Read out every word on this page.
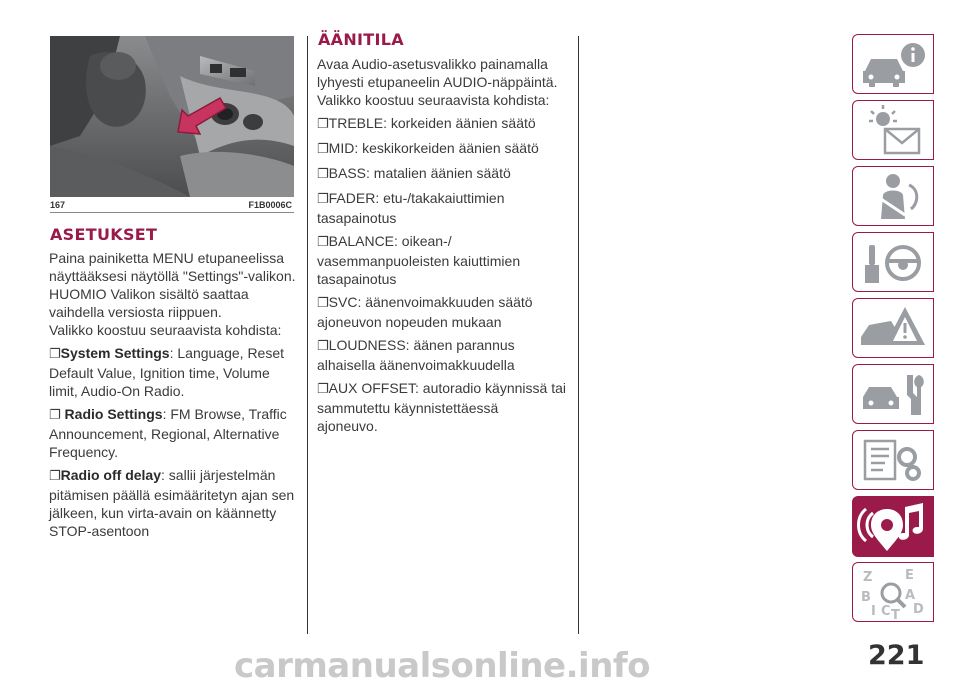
167	F1B0006C
ASETUKSET

Paina painiketta MENU etupaneelissa
näyttääksesi näytöllä "Settings"-valikon.
HUOMIO Valikon sisältö saattaa
vaihdella versiosta riippuen.
Valikko koostuu seuraavista kohdista:

❐System Settings: Language, Reset
Default Value, Ignition time, Volume
limit, Audio-On Radio.

❐ Radio Settings: FM Browse, Traffic
Announcement, Regional, Alternative
Frequency.

❐Radio off delay: sallii järjestelmän
pitämisen päällä esimääritetyn ajan sen
jälkeen, kun virta-avain on käännetty
STOP-asentoon

ÄÄNITILA

Avaa Audio-asetusvalikko painamalla
lyhyesti etupaneelin AUDIO-näppäintä.
Valikko koostuu seuraavista kohdista:

❐TREBLE: korkeiden äänien säätö

❐MID: keskikorkeiden äänien säätö

❐BASS: matalien äänien säätö

❐FADER: etu-/takakaiuttimien
tasapainotus

❐BALANCE: oikean-/
vasemmanpuoleisten kaiuttimien
tasapainotus

❐SVC: äänenvoimakkuuden säätö
ajoneuvon nopeuden mukaan

❐LOUDNESS: äänen parannus
alhaisella äänenvoimakkuudella

❐AUX OFFSET: autoradio käynnissä tai
sammutettu käynnistettäessä
ajoneuvo.

Z	E
B	A
I C D
T
221
carmanualsonline.info
